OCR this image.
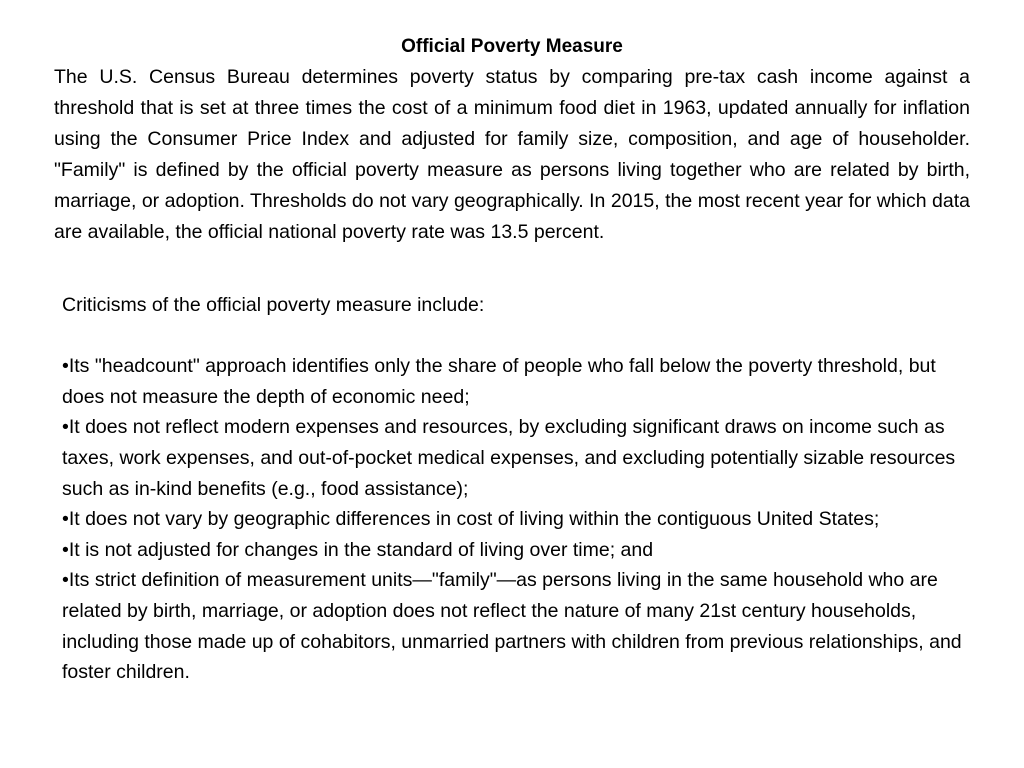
Official Poverty Measure
The U.S. Census Bureau determines poverty status by comparing pre-tax cash income against a threshold that is set at three times the cost of a minimum food diet in 1963, updated annually for inflation using the Consumer Price Index and adjusted for family size, composition, and age of householder. "Family" is defined by the official poverty measure as persons living together who are related by birth, marriage, or adoption. Thresholds do not vary geographically. In 2015, the most recent year for which data are available, the official national poverty rate was 13.5 percent.

Criticisms of the official poverty measure include:

•Its "headcount" approach identifies only the share of people who fall below the poverty threshold, but does not measure the depth of economic need;

•It does not reflect modern expenses and resources, by excluding significant draws on income such as taxes, work expenses, and out-of-pocket medical expenses, and excluding potentially sizable resources such as in-kind benefits (e.g., food assistance);

•It does not vary by geographic differences in cost of living within the contiguous United States;

•It is not adjusted for changes in the standard of living over time; and

•Its strict definition of measurement units—"family"—as persons living in the same household who are related by birth, marriage, or adoption does not reflect the nature of many 21st century households, including those made up of cohabitors, unmarried partners with children from previous relationships, and foster children.
